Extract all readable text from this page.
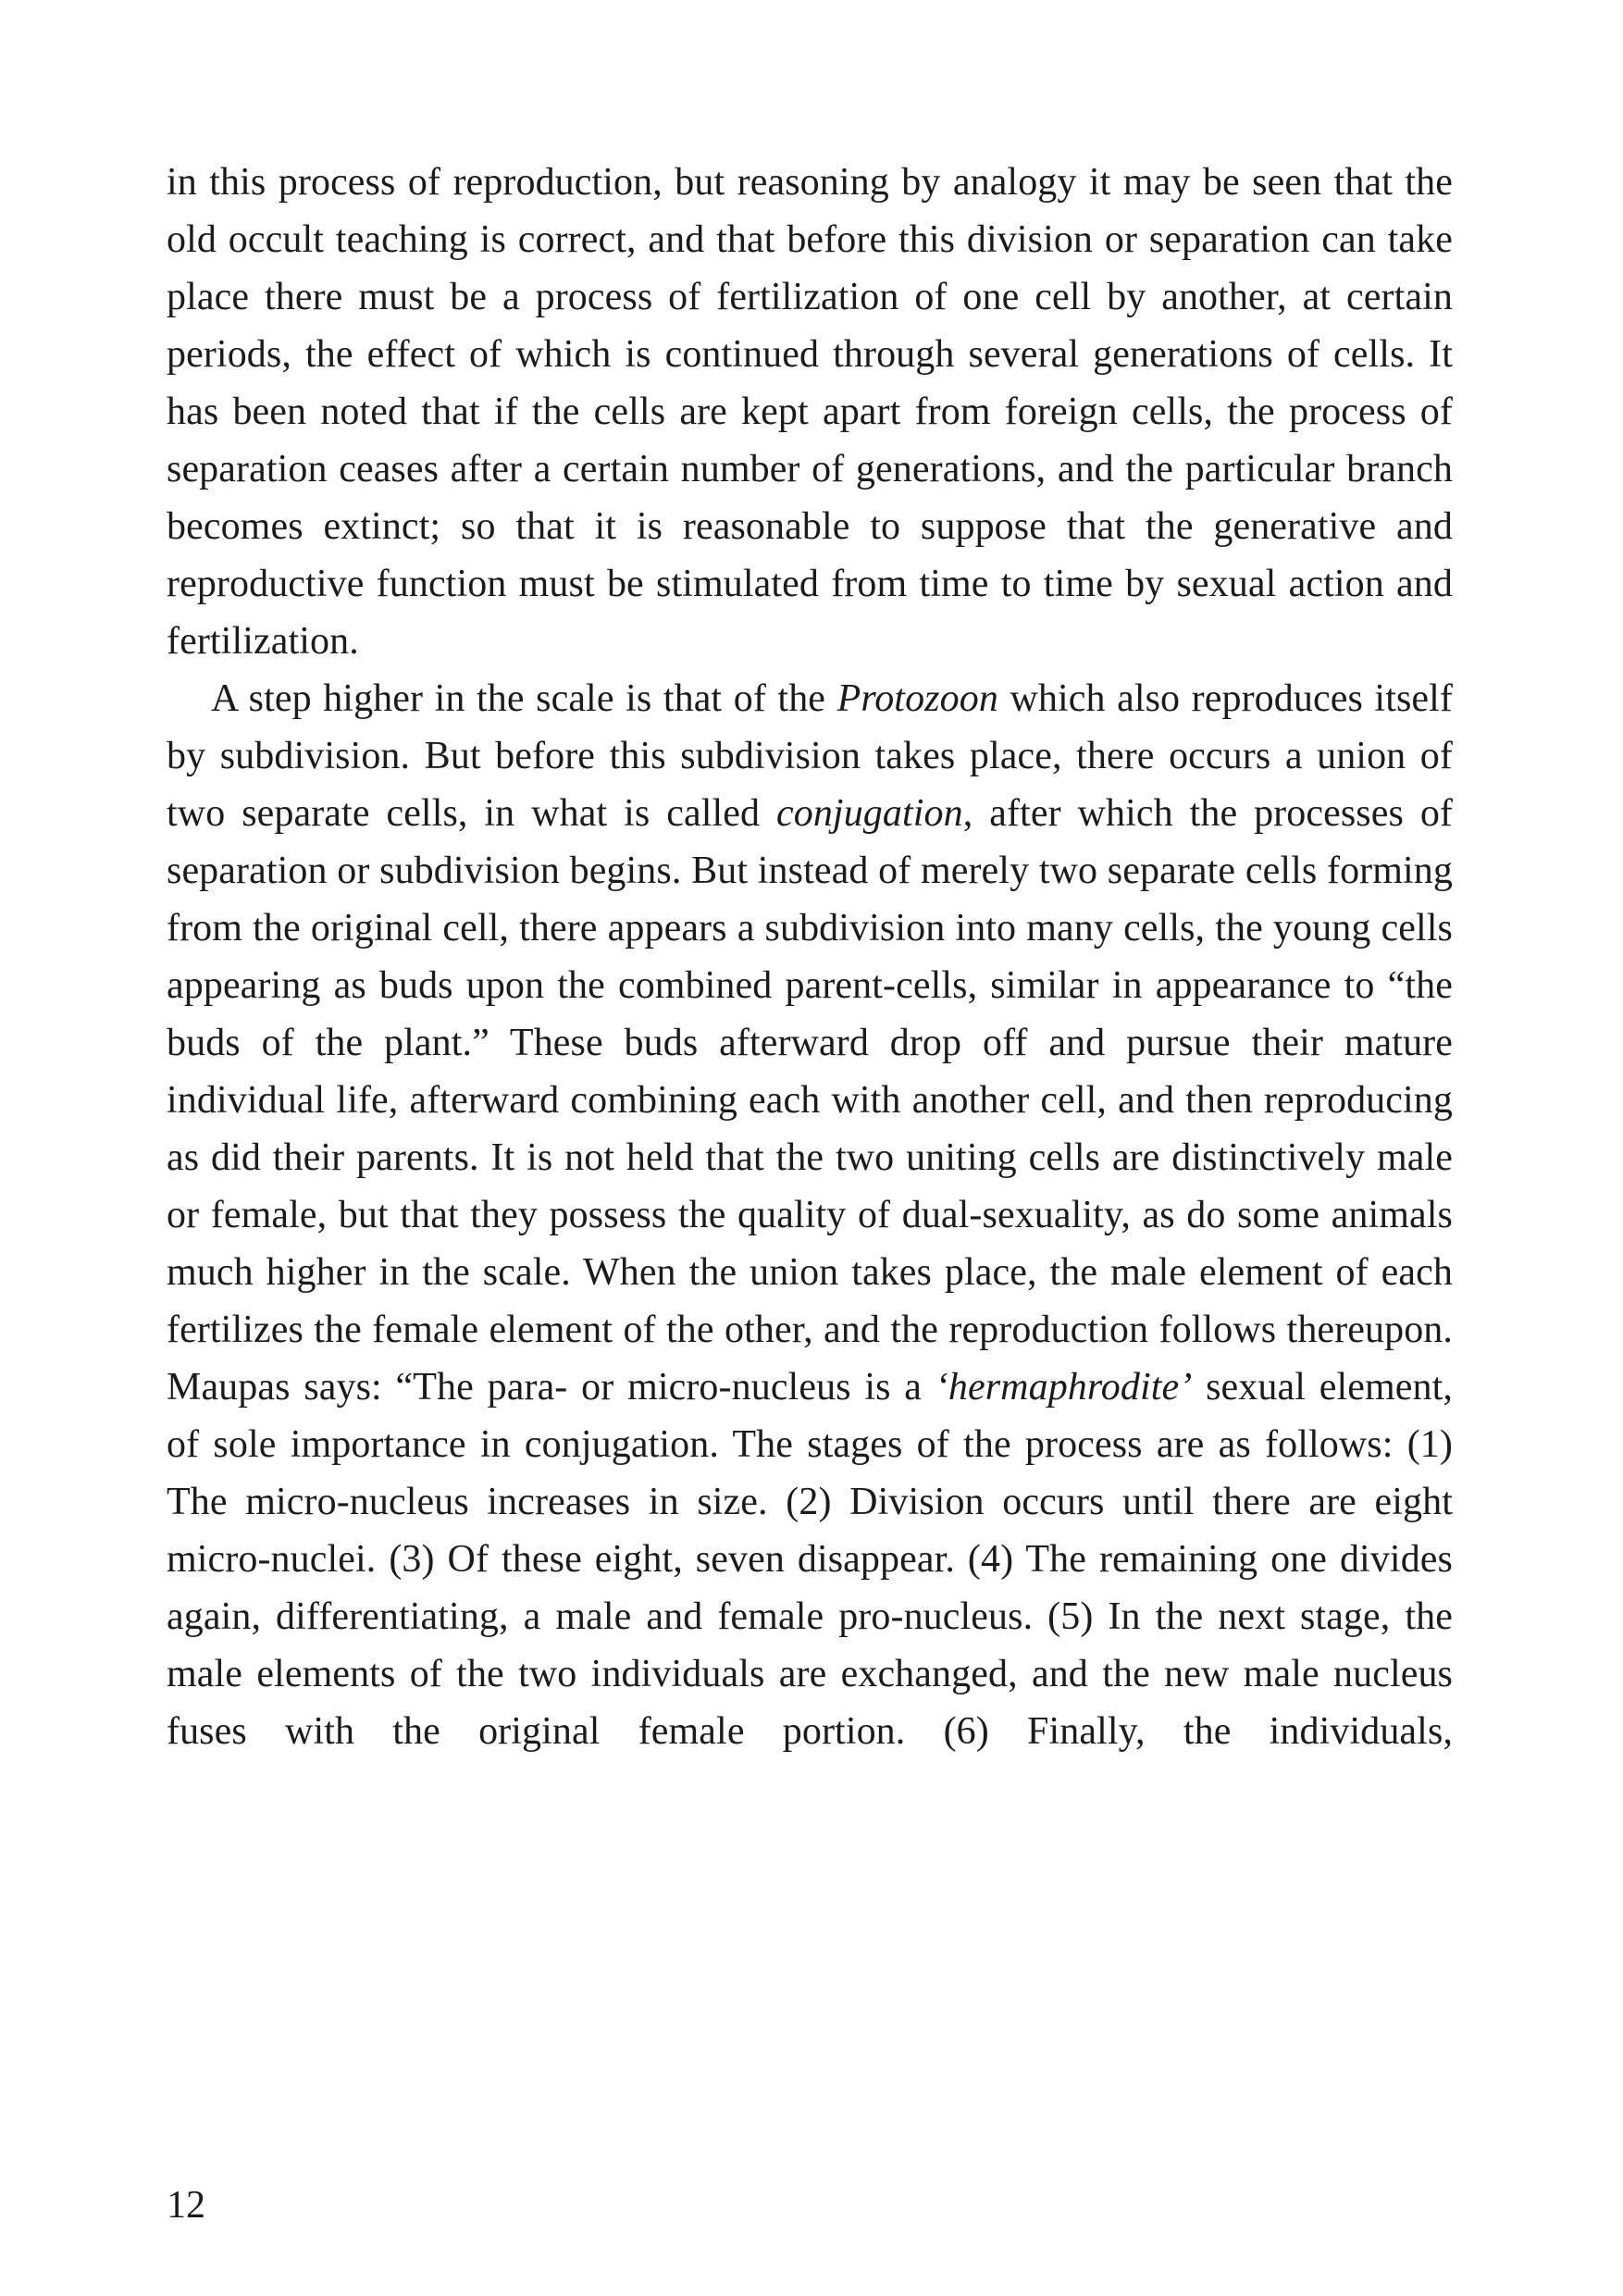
in this process of reproduction, but reasoning by analogy it may be seen that the old occult teaching is correct, and that before this division or separation can take place there must be a process of fertilization of one cell by another, at certain periods, the effect of which is continued through several generations of cells. It has been noted that if the cells are kept apart from foreign cells, the process of separation ceases after a certain number of generations, and the particular branch becomes extinct; so that it is reasonable to suppose that the generative and reproductive function must be stimulated from time to time by sexual action and fertilization.

A step higher in the scale is that of the Protozoon which also reproduces itself by subdivision. But before this subdivision takes place, there occurs a union of two separate cells, in what is called conjugation, after which the processes of separation or subdivision begins. But instead of merely two separate cells forming from the original cell, there appears a subdivision into many cells, the young cells appearing as buds upon the combined parent-cells, similar in appearance to “the buds of the plant.” These buds afterward drop off and pursue their mature individual life, afterward combining each with another cell, and then reproducing as did their parents. It is not held that the two uniting cells are distinctively male or female, but that they possess the quality of dual-sexuality, as do some animals much higher in the scale. When the union takes place, the male element of each fertilizes the female element of the other, and the reproduction follows thereupon. Maupas says: “The para- or micro-nucleus is a ‘hermaphrodite’ sexual element, of sole importance in conjugation. The stages of the process are as follows: (1) The micro-nucleus increases in size. (2) Division occurs until there are eight micro-nuclei. (3) Of these eight, seven disappear. (4) The remaining one divides again, differentiating, a male and female pro-nucleus. (5) In the next stage, the male elements of the two individuals are exchanged, and the new male nucleus fuses with the original female portion. (6) Finally, the individuals,

12
